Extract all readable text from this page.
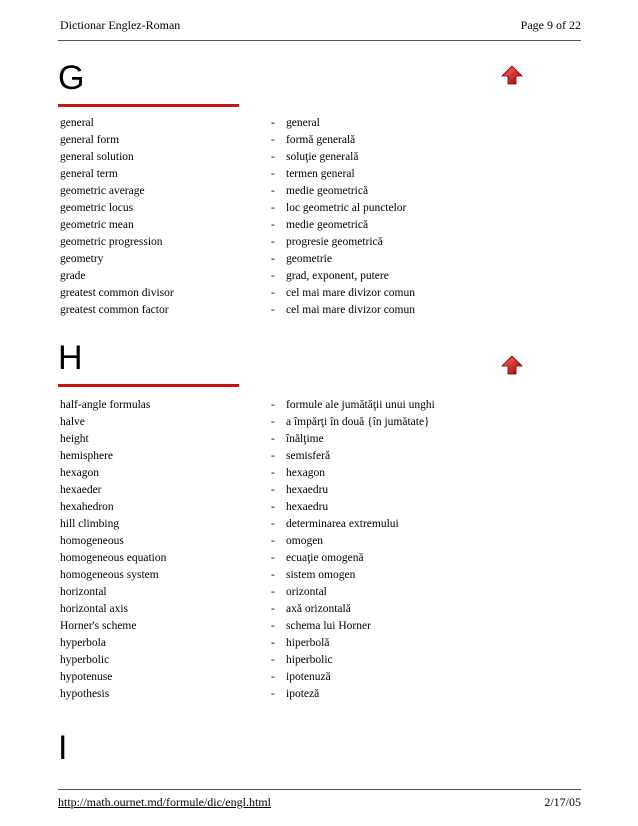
Dictionar Englez-Roman	Page 9 of 22
G
general	- general
general form	- formă generală
general solution	- soluţie generală
general term	- termen general
geometric average	- medie geometrică
geometric locus	- loc geometric al punctelor
geometric mean	- medie geometrică
geometric progression	- progresie geometrică
geometry	- geometrie
grade	- grad, exponent, putere
greatest common divisor	- cel mai mare divizor comun
greatest common factor	- cel mai mare divizor comun
H
half-angle formulas	- formule ale jumătăţii unui unghi
halve	- a împărţi în două {în jumătate}
height	- înălţime
hemisphere	- semisferă
hexagon	- hexagon
hexaeder	- hexaedru
hexahedron	- hexaedru
hill climbing	- determinarea extremului
homogeneous	- omogen
homogeneous equation	- ecuaţie omogenă
homogeneous system	- sistem omogen
horizontal	- orizontal
horizontal axis	- axă orizontală
Horner's scheme	- schema lui Horner
hyperbola	- hiperbolă
hyperbolic	- hiperbolic
hypotenuse	- ipotenuză
hypothesis	- ipoteză
I
http://math.ournet.md/formule/dic/engl.html	2/17/05
